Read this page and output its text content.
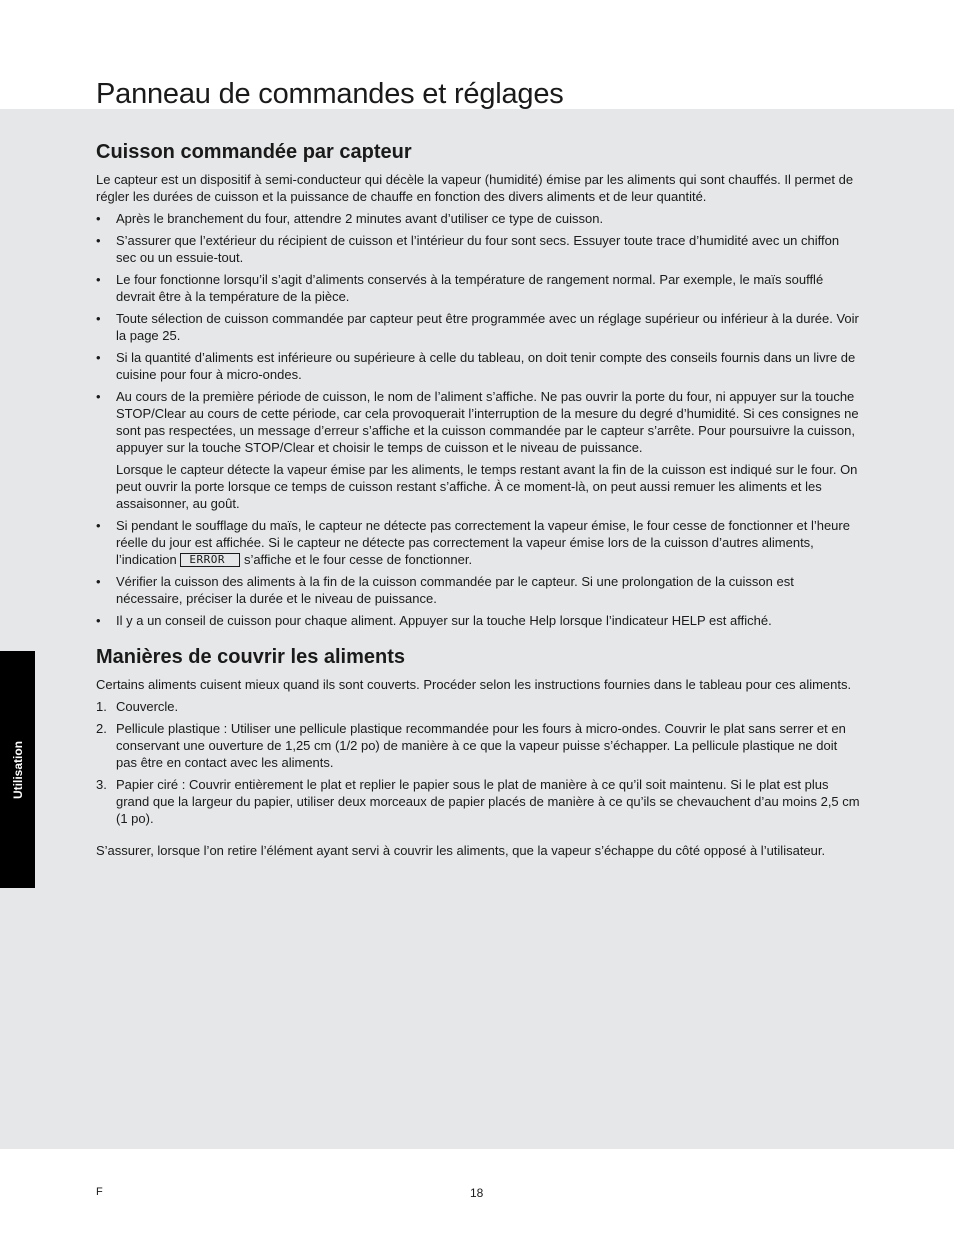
Panneau de commandes et réglages
Utilisation
Cuisson commandée par capteur

Le capteur est un dispositif à semi-conducteur qui décèle la vapeur (humidité) émise par les aliments qui sont chauffés. Il permet de régler les durées de cuisson et la puissance de chauffe en fonction des divers aliments et de leur quantité.

• Après le branchement du four, attendre 2 minutes avant d’utiliser ce type de cuisson.
• S’assurer que l’extérieur du récipient de cuisson et l’intérieur du four sont secs. Essuyer toute trace d’humidité avec un chiffon sec ou un essuie-tout.
• Le four fonctionne lorsqu’il s’agit d’aliments conservés à la température de rangement normal. Par exemple, le maïs soufflé devrait être à la température de la pièce.
• Toute sélection de cuisson commandée par capteur peut être programmée avec un réglage supérieur ou inférieur à la durée. Voir la page 25.
• Si la quantité d’aliments est inférieure ou supérieure à celle du tableau, on doit tenir compte des conseils fournis dans un livre de cuisine pour four à micro-ondes.
• Au cours de la première période de cuisson, le nom de l’aliment s’affiche. Ne pas ouvrir la porte du four, ni appuyer sur la touche STOP/Clear au cours de cette période, car cela provoquerait l’interruption de la mesure du degré d’humidité. Si ces consignes ne sont pas respectées, un message d’erreur s’affiche et la cuisson commandée par le capteur s’arrête. Pour poursuivre la cuisson, appuyer sur la touche STOP/Clear et choisir le temps de cuisson et le niveau de puissance.
Lorsque le capteur détecte la vapeur émise par les aliments, le temps restant avant la fin de la cuisson est indiqué sur le four. On peut ouvrir la porte lorsque ce temps de cuisson restant s’affiche. À ce moment-là, on peut aussi remuer les aliments et les assaisonner, au goût.
• Si pendant le soufflage du maïs, le capteur ne détecte pas correctement la vapeur émise, le four cesse de fonctionner et l’heure réelle du jour est affichée. Si le capteur ne détecte pas correctement la vapeur émise lors de la cuisson d’autres aliments, l’indication ERROR s’affiche et le four cesse de fonctionner.
• Vérifier la cuisson des aliments à la fin de la cuisson commandée par le capteur. Si une prolongation de la cuisson est nécessaire, préciser la durée et le niveau de puissance.
• Il y a un conseil de cuisson pour chaque aliment. Appuyer sur la touche Help lorsque l’indicateur HELP est affiché.
Manières de couvrir les aliments

Certains aliments cuisent mieux quand ils sont couverts. Procéder selon les instructions fournies dans le tableau pour ces aliments.

1. Couvercle.
2. Pellicule plastique : Utiliser une pellicule plastique recommandée pour les fours à micro-ondes. Couvrir le plat sans serrer et en conservant une ouverture de 1,25 cm (1/2 po) de manière à ce que la vapeur puisse s’échapper. La pellicule plastique ne doit pas être en contact avec les aliments.
3. Papier ciré : Couvrir entièrement le plat et replier le papier sous le plat de manière à ce qu’il soit maintenu. Si le plat est plus grand que la largeur du papier, utiliser deux morceaux de papier placés de manière à ce qu’ils se chevauchent d’au moins 2,5 cm (1 po).

S’assurer, lorsque l’on retire l’élément ayant servi à couvrir les aliments, que la vapeur s’échappe du côté opposé à l’utilisateur.

F	18
